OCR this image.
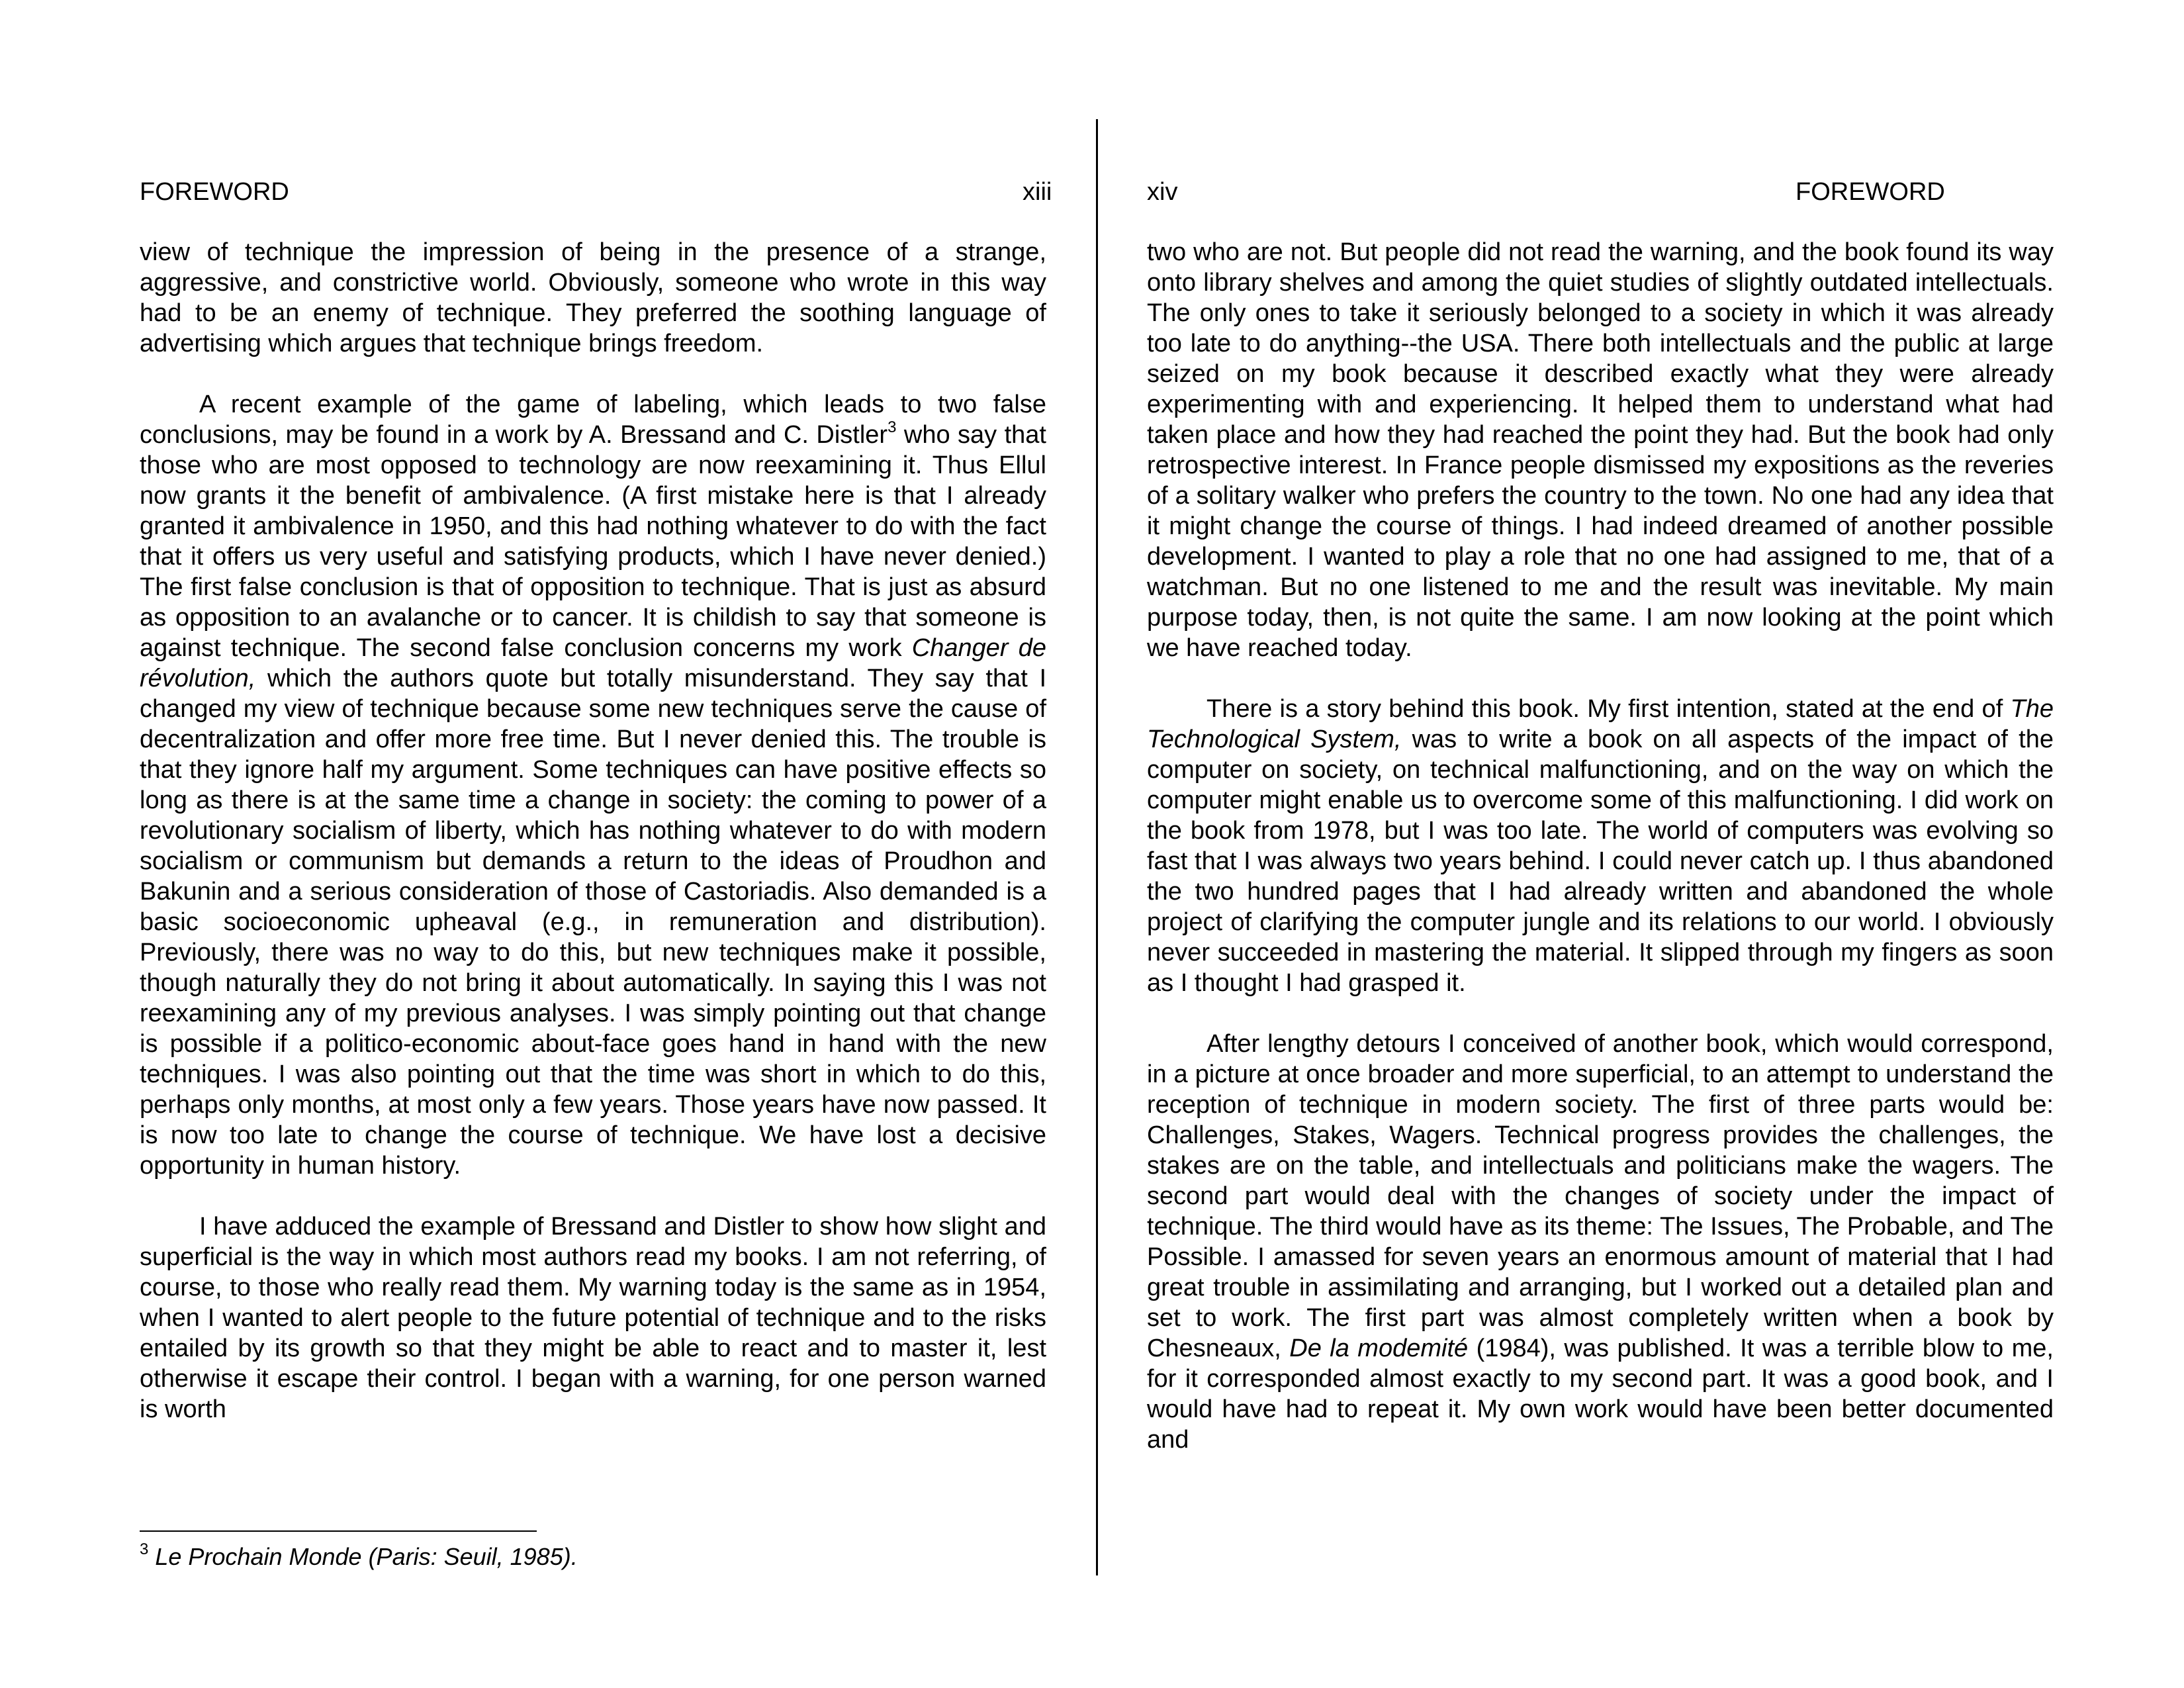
FOREWORD	xiii

view of technique the impression of being in the presence of a strange, aggressive, and constrictive world. Obviously, someone who wrote in this way had to be an enemy of technique. They preferred the soothing language of advertising which argues that technique brings freedom.

A recent example of the game of labeling, which leads to two false conclusions, may be found in a work by A. Bressand and C. Distler$^3$ who say that those who are most opposed to technology are now reexamining it. Thus Ellul now grants it the benefit of ambivalence. (A first mistake here is that I already granted it ambivalence in 1950, and this had nothing whatever to do with the fact that it offers us very useful and satisfying products, which I have never denied.) The first false conclusion is that of opposition to technique. That is just as absurd as opposition to an avalanche or to cancer. It is childish to say that someone is against technique. The second false conclusion concerns my work Changer de révolution, which the authors quote but totally misunderstand. They say that I changed my view of technique because some new techniques serve the cause of decentralization and offer more free time. But I never denied this. The trouble is that they ignore half my argument. Some techniques can have positive effects so long as there is at the same time a change in society: the coming to power of a revolutionary socialism of liberty, which has nothing whatever to do with modern socialism or communism but demands a return to the ideas of Proudhon and Bakunin and a serious consideration of those of Castoriadis. Also demanded is a basic socioeconomic upheaval (e.g., in remuneration and distribution). Previously, there was no way to do this, but new techniques make it possible, though naturally they do not bring it about automatically. In saying this I was not reexamining any of my previous analyses. I was simply pointing out that change is possible if a politico-economic about-face goes hand in hand with the new techniques. I was also pointing out that the time was short in which to do this, perhaps only months, at most only a few years. Those years have now passed. It is now too late to change the course of technique. We have lost a decisive opportunity in human history.

I have adduced the example of Bressand and Distler to show how slight and superficial is the way in which most authors read my books. I am not referring, of course, to those who really read them. My warning today is the same as in 1954, when I wanted to alert people to the future potential of technique and to the risks entailed by its growth so that they might be able to react and to master it, lest otherwise it escape their control. I began with a warning, for one person warned is worth

$^3$ Le Prochain Monde (Paris: Seuil, 1985).
xiv	FOREWORD

two who are not. But people did not read the warning, and the book found its way onto library shelves and among the quiet studies of slightly outdated intellectuals. The only ones to take it seriously belonged to a society in which it was already too late to do anything--the USA. There both intellectuals and the public at large seized on my book because it described exactly what they were already experimenting with and experiencing. It helped them to understand what had taken place and how they had reached the point they had. But the book had only retrospective interest. In France people dismissed my expositions as the reveries of a solitary walker who prefers the country to the town. No one had any idea that it might change the course of things. I had indeed dreamed of another possible development. I wanted to play a role that no one had assigned to me, that of a watchman. But no one listened to me and the result was inevitable. My main purpose today, then, is not quite the same. I am now looking at the point which we have reached today.

There is a story behind this book. My first intention, stated at the end of The Technological System, was to write a book on all aspects of the impact of the computer on society, on technical malfunctioning, and on the way on which the computer might enable us to overcome some of this malfunctioning. I did work on the book from 1978, but I was too late. The world of computers was evolving so fast that I was always two years behind. I could never catch up. I thus abandoned the two hundred pages that I had already written and abandoned the whole project of clarifying the computer jungle and its relations to our world. I obviously never succeeded in mastering the material. It slipped through my fingers as soon as I thought I had grasped it.

After lengthy detours I conceived of another book, which would correspond, in a picture at once broader and more superficial, to an attempt to understand the reception of technique in modern society. The first of three parts would be: Challenges, Stakes, Wagers. Technical progress provides the challenges, the stakes are on the table, and intellectuals and politicians make the wagers. The second part would deal with the changes of society under the impact of technique. The third would have as its theme: The Issues, The Probable, and The Possible. I amassed for seven years an enormous amount of material that I had great trouble in assimilating and arranging, but I worked out a detailed plan and set to work. The first part was almost completely written when a book by Chesneaux, De la modemité (1984), was published. It was a terrible blow to me, for it corresponded almost exactly to my second part. It was a good book, and I would have had to repeat it. My own work would have been better documented and
